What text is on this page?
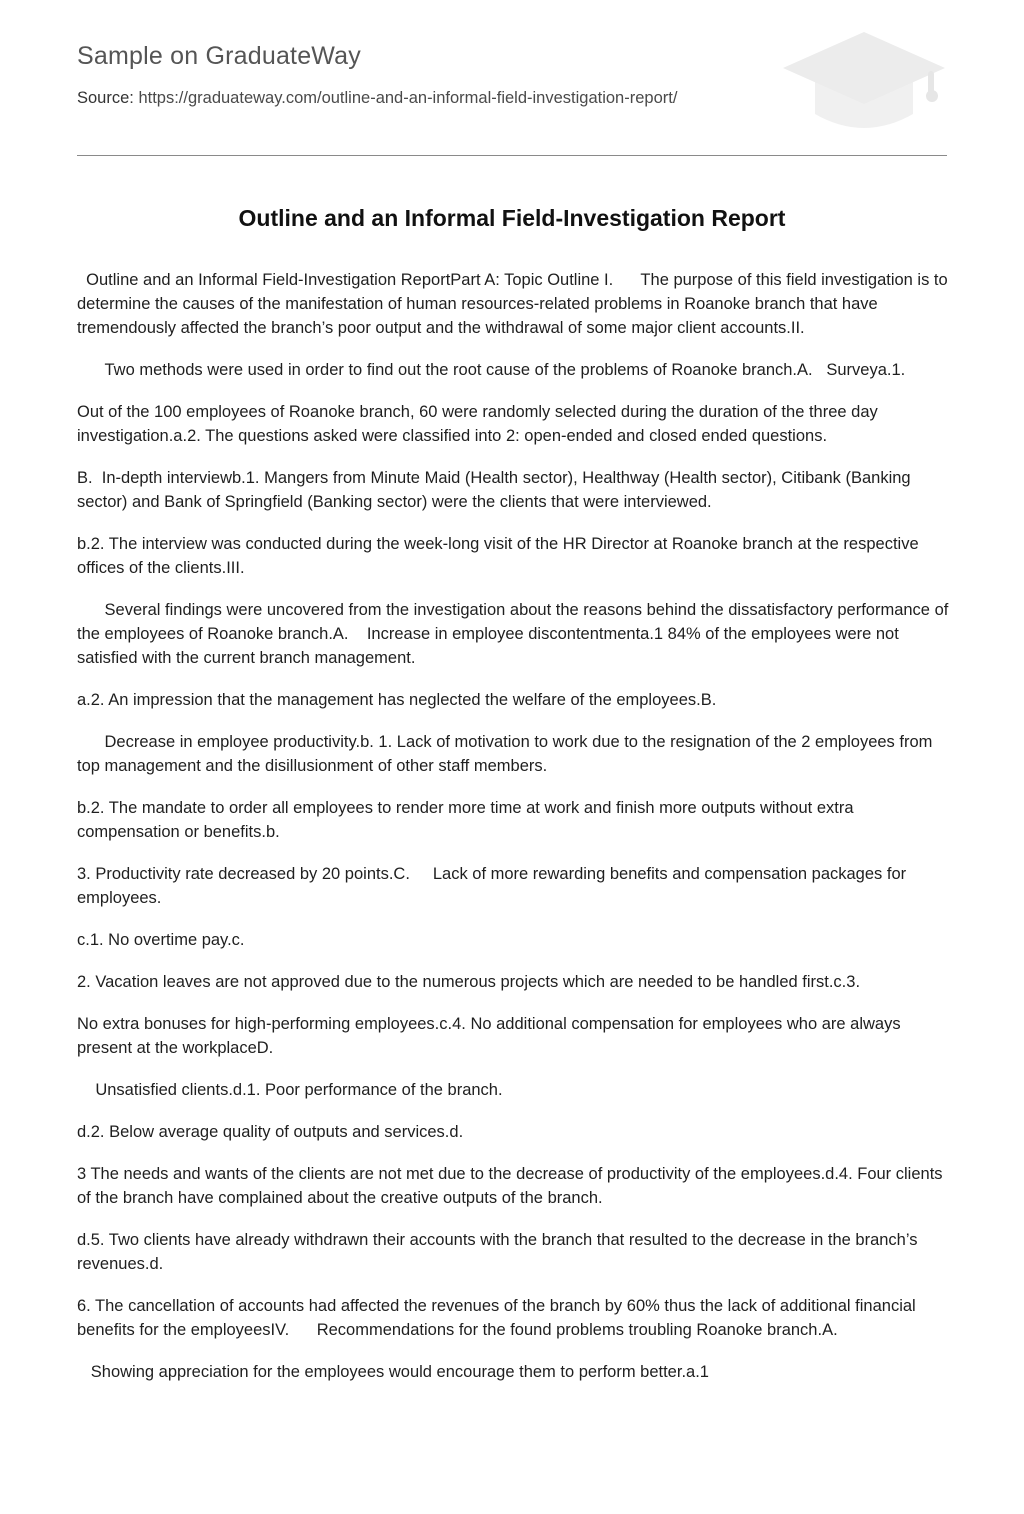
Sample on GraduateWay
Source: https://graduateway.com/outline-and-an-informal-field-investigation-report/
Outline and an Informal Field-Investigation Report

Outline and an Informal Field-Investigation ReportPart A: Topic Outline I.      The purpose of this field investigation is to determine the causes of the manifestation of human resources-related problems in Roanoke branch that have tremendously affected the branch’s poor output and the withdrawal of some major client accounts.II.

Two methods were used in order to find out the root cause of the problems of Roanoke branch.A.   Surveya.1.

Out of the 100 employees of Roanoke branch, 60 were randomly selected during the duration of the three day investigation.a.2. The questions asked were classified into 2: open-ended and closed ended questions.

B.  In-depth interviewb.1. Mangers from Minute Maid (Health sector), Healthway (Health sector), Citibank (Banking sector) and Bank of Springfield (Banking sector) were the clients that were interviewed.

b.2. The interview was conducted during the week-long visit of the HR Director at Roanoke branch at the respective offices of the clients.III.

Several findings were uncovered from the investigation about the reasons behind the dissatisfactory performance of the employees of Roanoke branch.A.    Increase in employee discontentmenta.1 84% of the employees were not satisfied with the current branch management.

a.2. An impression that the management has neglected the welfare of the employees.B.

Decrease in employee productivity.b. 1. Lack of motivation to work due to the resignation of the 2 employees from top management and the disillusionment of other staff members.

b.2. The mandate to order all employees to render more time at work and finish more outputs without extra compensation or benefits.b.

3. Productivity rate decreased by 20 points.C.     Lack of more rewarding benefits and compensation packages for employees.

c.1. No overtime pay.c.

2. Vacation leaves are not approved due to the numerous projects which are needed to be handled first.c.3.

No extra bonuses for high-performing employees.c.4. No additional compensation for employees who are always present at the workplaceD.

Unsatisfied clients.d.1. Poor performance of the branch.

d.2. Below average quality of outputs and services.d.

3 The needs and wants of the clients are not met due to the decrease of productivity of the employees.d.4. Four clients of the branch have complained about the creative outputs of the branch.

d.5. Two clients have already withdrawn their accounts with the branch that resulted to the decrease in the branch’s revenues.d.

6. The cancellation of accounts had affected the revenues of the branch by 60% thus the lack of additional financial benefits for the employeesIV.      Recommendations for the found problems troubling Roanoke branch.A.

Showing appreciation for the employees would encourage them to perform better.a.1
